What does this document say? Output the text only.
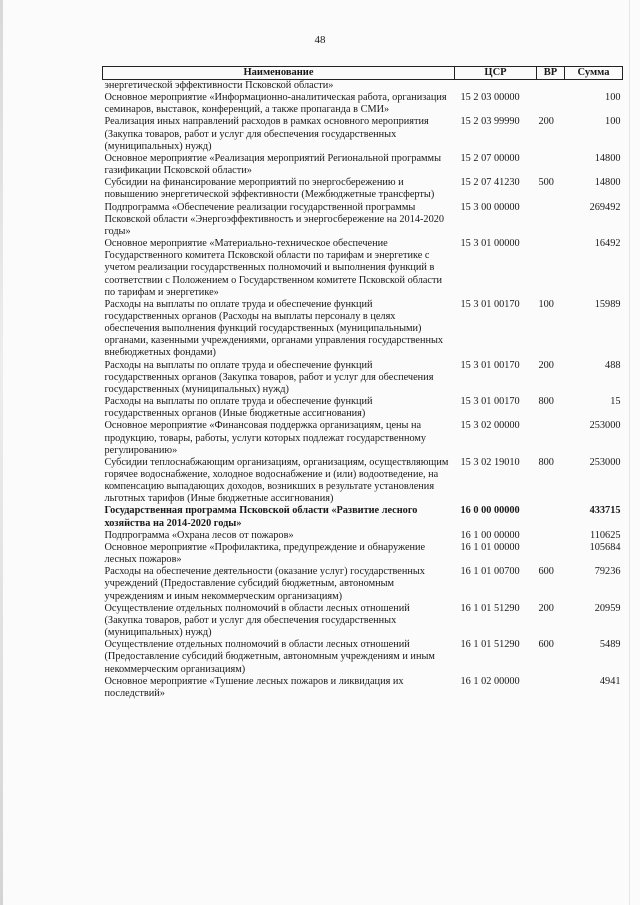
48
Наименование	ЦСР	ВР	Сумма
энергетической эффективности Псковской области»			
Основное мероприятие «Информационно-аналитическая работа, организация семинаров, выставок, конференций, а также пропаганда в СМИ»	15 2 03 00000		100
Реализация иных направлений расходов в рамках основного мероприятия (Закупка товаров, работ и услуг для обеспечения государственных (муниципальных) нужд)	15 2 03 99990	200	100
Основное мероприятие «Реализация мероприятий Региональной программы газификации Псковской области»	15 2 07 00000		14800
Субсидии на финансирование мероприятий по энергосбережению и повышению энергетической эффективности (Межбюджетные трансферты)	15 2 07 41230	500	14800
Подпрограмма «Обеспечение реализации государственной программы Псковской области «Энергоэффективность и энергосбережение на 2014-2020 годы»	15 3 00 00000		269492
Основное мероприятие «Материально-техническое обеспечение Государственного комитета Псковской области по тарифам и энергетике с учетом реализации государственных полномочий и выполнения функций в соответствии с Положением о Государственном комитете Псковской области по тарифам и энергетике»	15 3 01 00000		16492
Расходы на выплаты по оплате труда и обеспечение функций государственных органов (Расходы на выплаты персоналу в целях обеспечения выполнения функций государственных (муниципальными) органами, казенными учреждениями, органами управления государственных внебюджетных фондами)	15 3 01 00170	100	15989
Расходы на выплаты по оплате труда и обеспечение функций государственных органов (Закупка товаров, работ и услуг для обеспечения государственных (муниципальных) нужд)	15 3 01 00170	200	488
Расходы на выплаты по оплате труда и обеспечение функций государственных органов (Иные бюджетные ассигнования)	15 3 01 00170	800	15
Основное мероприятие «Финансовая поддержка организациям, цены на продукцию, товары, работы, услуги которых подлежат государственному регулированию»	15 3 02 00000		253000
Субсидии теплоснабжающим организациям, организациям, осуществляющим горячее водоснабжение, холодное водоснабжение и (или) водоотведение, на компенсацию выпадающих доходов, возникших в результате установления льготных тарифов (Иные бюджетные ассигнования)	15 3 02 19010	800	253000
Государственная программа Псковской области «Развитие лесного хозяйства на 2014-2020 годы»	16 0 00 00000		433715
Подпрограмма «Охрана лесов от пожаров»	16 1 00 00000		110625
Основное мероприятие «Профилактика, предупреждение и обнаружение лесных пожаров»	16 1 01 00000		105684
Расходы на обеспечение деятельности (оказание услуг) государственных учреждений (Предоставление субсидий бюджетным, автономным учреждениям и иным некоммерческим организациям)	16 1 01 00700	600	79236
Осуществление отдельных полномочий в области лесных отношений (Закупка товаров, работ и услуг для обеспечения государственных (муниципальных) нужд)	16 1 01 51290	200	20959
Осуществление отдельных полномочий в области лесных отношений (Предоставление субсидий бюджетным, автономным учреждениям и иным некоммерческим организациям)	16 1 01 51290	600	5489
Основное мероприятие «Тушение лесных пожаров и ликвидация их последствий»	16 1 02 00000		4941
